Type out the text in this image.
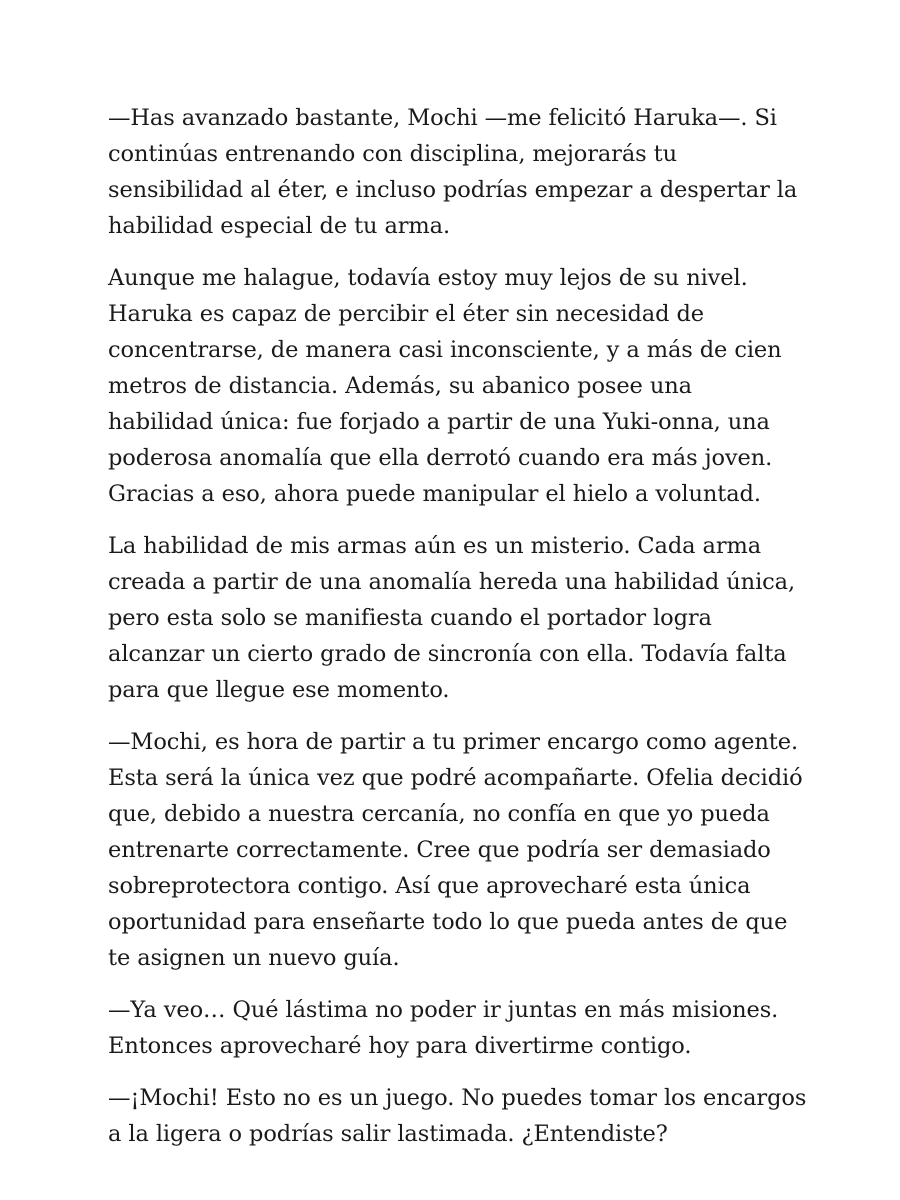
—Has avanzado bastante, Mochi —me felicitó Haruka—. Si
continúas entrenando con disciplina, mejorarás tu
sensibilidad al éter, e incluso podrías empezar a despertar la
habilidad especial de tu arma.

Aunque me halague, todavía estoy muy lejos de su nivel.
Haruka es capaz de percibir el éter sin necesidad de
concentrarse, de manera casi inconsciente, y a más de cien
metros de distancia. Además, su abanico posee una
habilidad única: fue forjado a partir de una Yuki-onna, una
poderosa anomalía que ella derrotó cuando era más joven.
Gracias a eso, ahora puede manipular el hielo a voluntad.

La habilidad de mis armas aún es un misterio. Cada arma
creada a partir de una anomalía hereda una habilidad única,
pero esta solo se manifiesta cuando el portador logra
alcanzar un cierto grado de sincronía con ella. Todavía falta
para que llegue ese momento.

—Mochi, es hora de partir a tu primer encargo como agente.
Esta será la única vez que podré acompañarte. Ofelia decidió
que, debido a nuestra cercanía, no confía en que yo pueda
entrenarte correctamente. Cree que podría ser demasiado
sobreprotectora contigo. Así que aprovecharé esta única
oportunidad para enseñarte todo lo que pueda antes de que
te asignen un nuevo guía.

—Ya veo… Qué lástima no poder ir juntas en más misiones.
Entonces aprovecharé hoy para divertirme contigo.

—¡Mochi! Esto no es un juego. No puedes tomar los encargos
a la ligera o podrías salir lastimada. ¿Entendiste?
